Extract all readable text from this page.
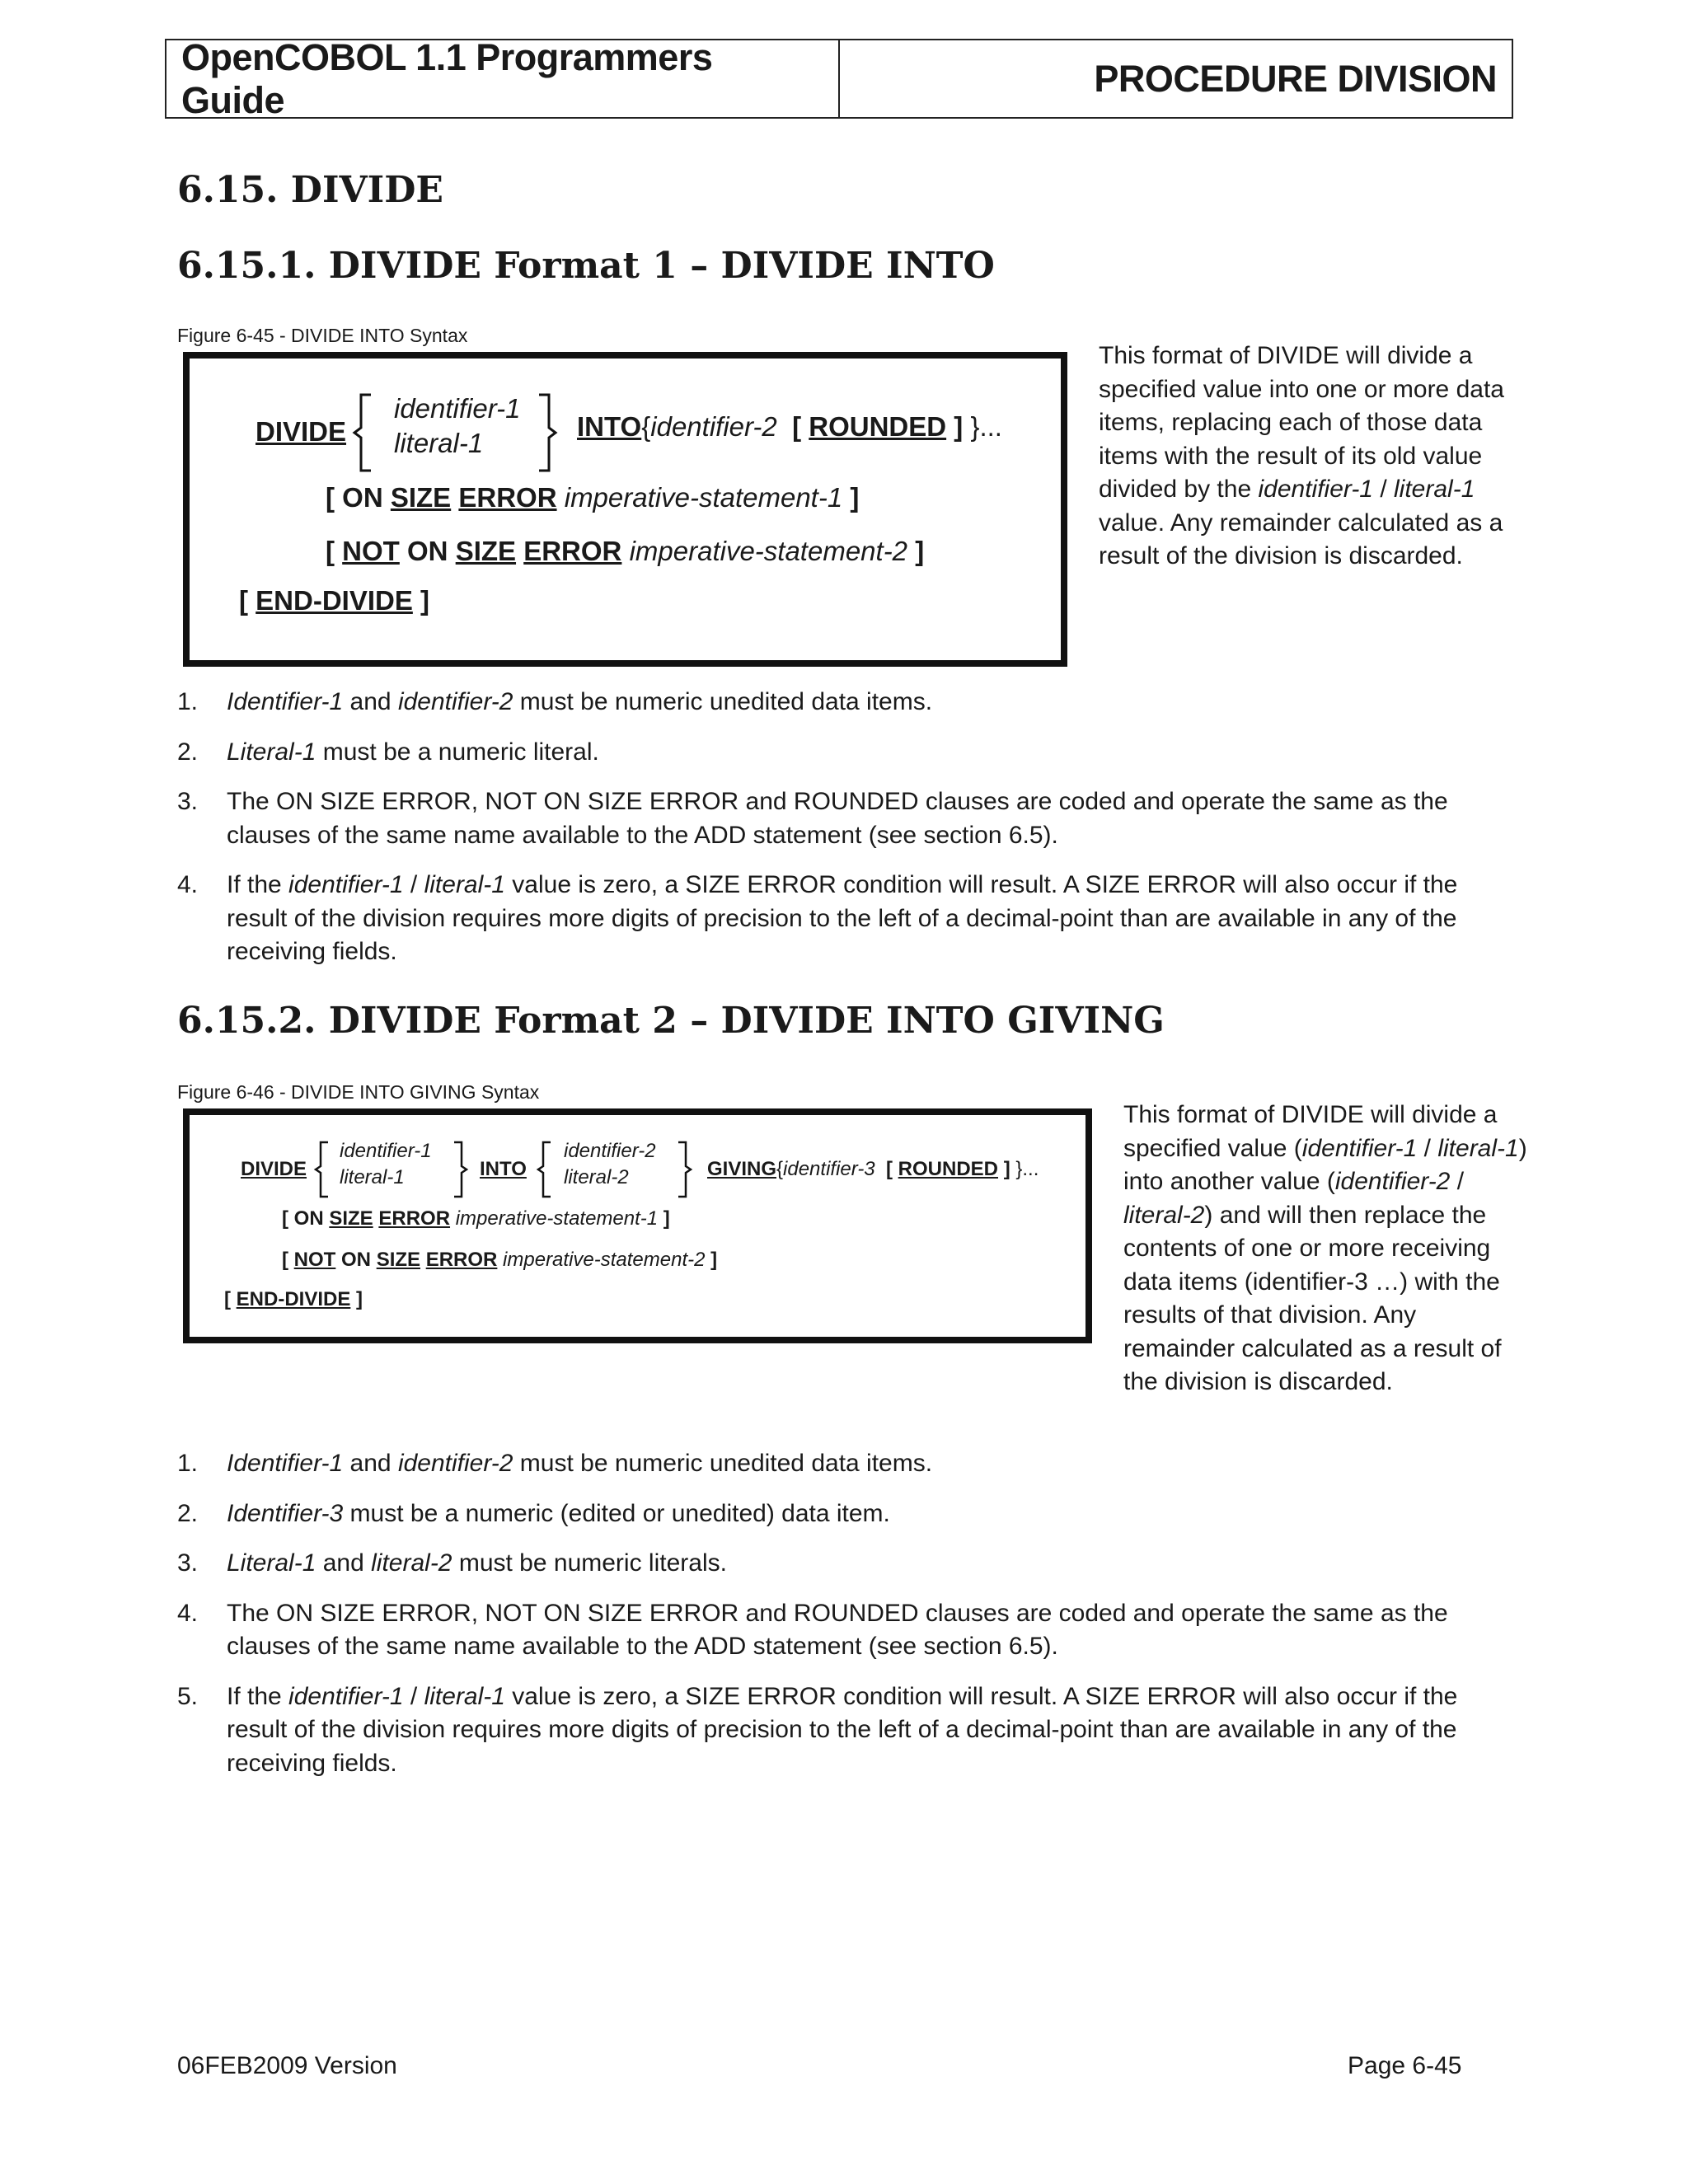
OpenCOBOL 1.1 Programmers Guide
PROCEDURE DIVISION
6.15. DIVIDE
6.15.1. DIVIDE Format 1 – DIVIDE INTO
Figure 6-45 - DIVIDE INTO Syntax
DIVIDE
identifier-1
literal-1
INTO{identifier-2 [ ROUNDED ] }...
[ ON SIZE ERROR imperative-statement-1 ]
[ NOT ON SIZE ERROR imperative-statement-2 ]
[ END-DIVIDE ]
This format of DIVIDE will divide a specified value into one or more data items, replacing each of those data items with the result of its old value divided by the identifier-1 / literal-1 value. Any remainder calculated as a result of the division is discarded.
1. Identifier-1 and identifier-2 must be numeric unedited data items.
2. Literal-1 must be a numeric literal.
3. The ON SIZE ERROR, NOT ON SIZE ERROR and ROUNDED clauses are coded and operate the same as the clauses of the same name available to the ADD statement (see section 6.5).
4. If the identifier-1 / literal-1 value is zero, a SIZE ERROR condition will result. A SIZE ERROR will also occur if the result of the division requires more digits of precision to the left of a decimal-point than are available in any of the receiving fields.
6.15.2. DIVIDE Format 2 – DIVIDE INTO GIVING
Figure 6-46 - DIVIDE INTO GIVING Syntax
DIVIDE
identifier-1
literal-1	INTO
identifier-2
literal-2	GIVING{identifier-3 [ ROUNDED ] }...
[ ON SIZE ERROR imperative-statement-1 ]
[ NOT ON SIZE ERROR imperative-statement-2 ]
[ END-DIVIDE ]
This format of DIVIDE will divide a specified value (identifier-1 / literal-1) into another value (identifier-2 / literal-2) and will then replace the contents of one or more receiving data items (identifier-3 …) with the results of that division. Any remainder calculated as a result of the division is discarded.
1. Identifier-1 and identifier-2 must be numeric unedited data items.
2. Identifier-3 must be a numeric (edited or unedited) data item.
3. Literal-1 and literal-2 must be numeric literals.
4. The ON SIZE ERROR, NOT ON SIZE ERROR and ROUNDED clauses are coded and operate the same as the clauses of the same name available to the ADD statement (see section 6.5).
5. If the identifier-1 / literal-1 value is zero, a SIZE ERROR condition will result. A SIZE ERROR will also occur if the result of the division requires more digits of precision to the left of a decimal-point than are available in any of the receiving fields.
06FEB2009 Version	Page 6-45
